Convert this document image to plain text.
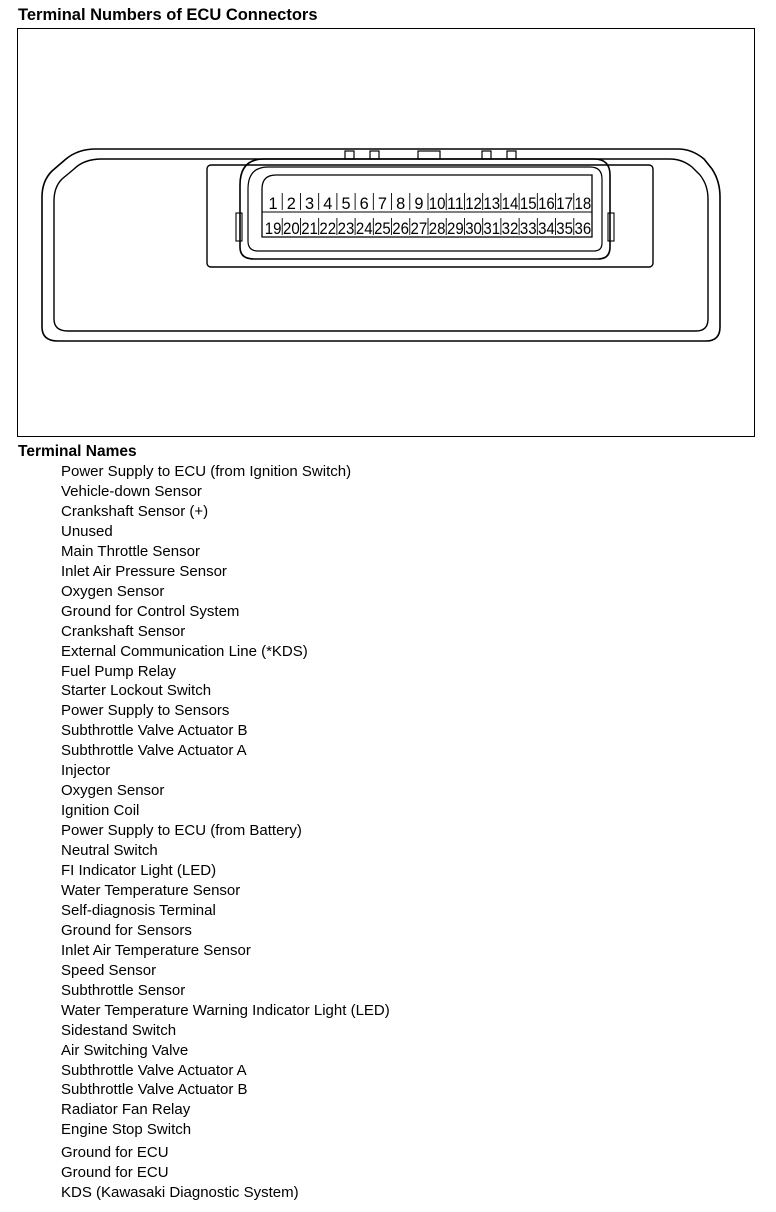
Terminal Numbers of ECU Connectors
1 2 3 4 5 6 7 8 9 10 11 12 13 14 15 16 17 18
19 20 21 22 23 24 25 26 27 28 29 30 31 32 33 34 35 36
Terminal Names
Power Supply to ECU (from Ignition Switch)
Vehicle-down Sensor
Crankshaft Sensor (+)
Unused
Main Throttle Sensor
Inlet Air Pressure Sensor
Oxygen Sensor
Ground for Control System
Crankshaft Sensor
External Communication Line (*KDS)
Fuel Pump Relay
Starter Lockout Switch
Power Supply to Sensors
Subthrottle Valve Actuator B
Subthrottle Valve Actuator A
Injector
Oxygen Sensor
Ignition Coil
Power Supply to ECU (from Battery)
Neutral Switch
FI Indicator Light (LED)
Water Temperature Sensor
Self-diagnosis Terminal
Ground for Sensors
Inlet Air Temperature Sensor
Speed Sensor
Subthrottle Sensor
Water Temperature Warning Indicator Light (LED)
Sidestand Switch
Air Switching Valve
Subthrottle Valve Actuator A
Subthrottle Valve Actuator B
Radiator Fan Relay
Engine Stop Switch
Ground for ECU
Ground for ECU
KDS (Kawasaki Diagnostic System)
